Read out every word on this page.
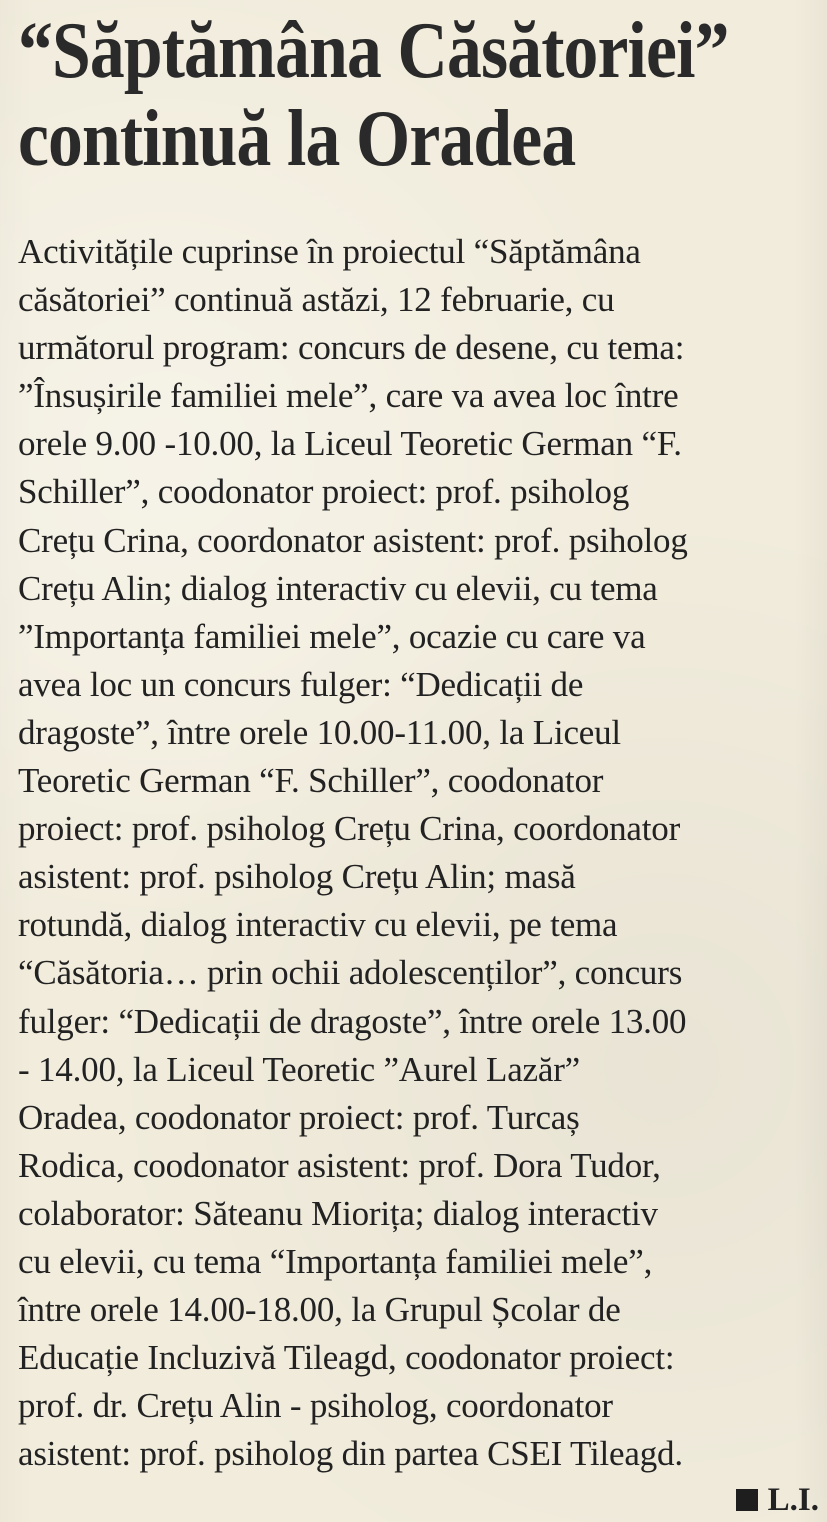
“Săptămâna Căsătoriei”
continuă la Oradea

Activitățile cuprinse în proiectul “Săptămâna
căsătoriei” continuă astăzi, 12 februarie, cu
următorul program: concurs de desene, cu tema:
”Însușirile familiei mele”, care va avea loc între
orele 9.00 -10.00, la Liceul Teoretic German “F.
Schiller”, coodonator proiect: prof. psiholog
Crețu Crina, coordonator asistent: prof. psiholog
Crețu Alin; dialog interactiv cu elevii, cu tema
”Importanța familiei mele”, ocazie cu care va
avea loc un concurs fulger: “Dedicații de
dragoste”, între orele 10.00-11.00, la Liceul
Teoretic German “F. Schiller”, coodonator
proiect: prof. psiholog Crețu Crina, coordonator
asistent: prof. psiholog Crețu Alin; masă
rotundă, dialog interactiv cu elevii, pe tema
“Căsătoria… prin ochii adolescenților”, concurs
fulger: “Dedicații de dragoste”, între orele 13.00
- 14.00, la Liceul Teoretic ”Aurel Lazăr”
Oradea, coodonator proiect: prof. Turcaș
Rodica, coodonator asistent: prof. Dora Tudor,
colaborator: Săteanu Miorița; dialog interactiv
cu elevii, cu tema “Importanța familiei mele”,
între orele 14.00-18.00, la Grupul Școlar de
Educație Incluzivă Tileagd, coodonator proiect:
prof. dr. Crețu Alin - psiholog, coordonator
asistent: prof. psiholog din partea CSEI Tileagd.

L.I.
